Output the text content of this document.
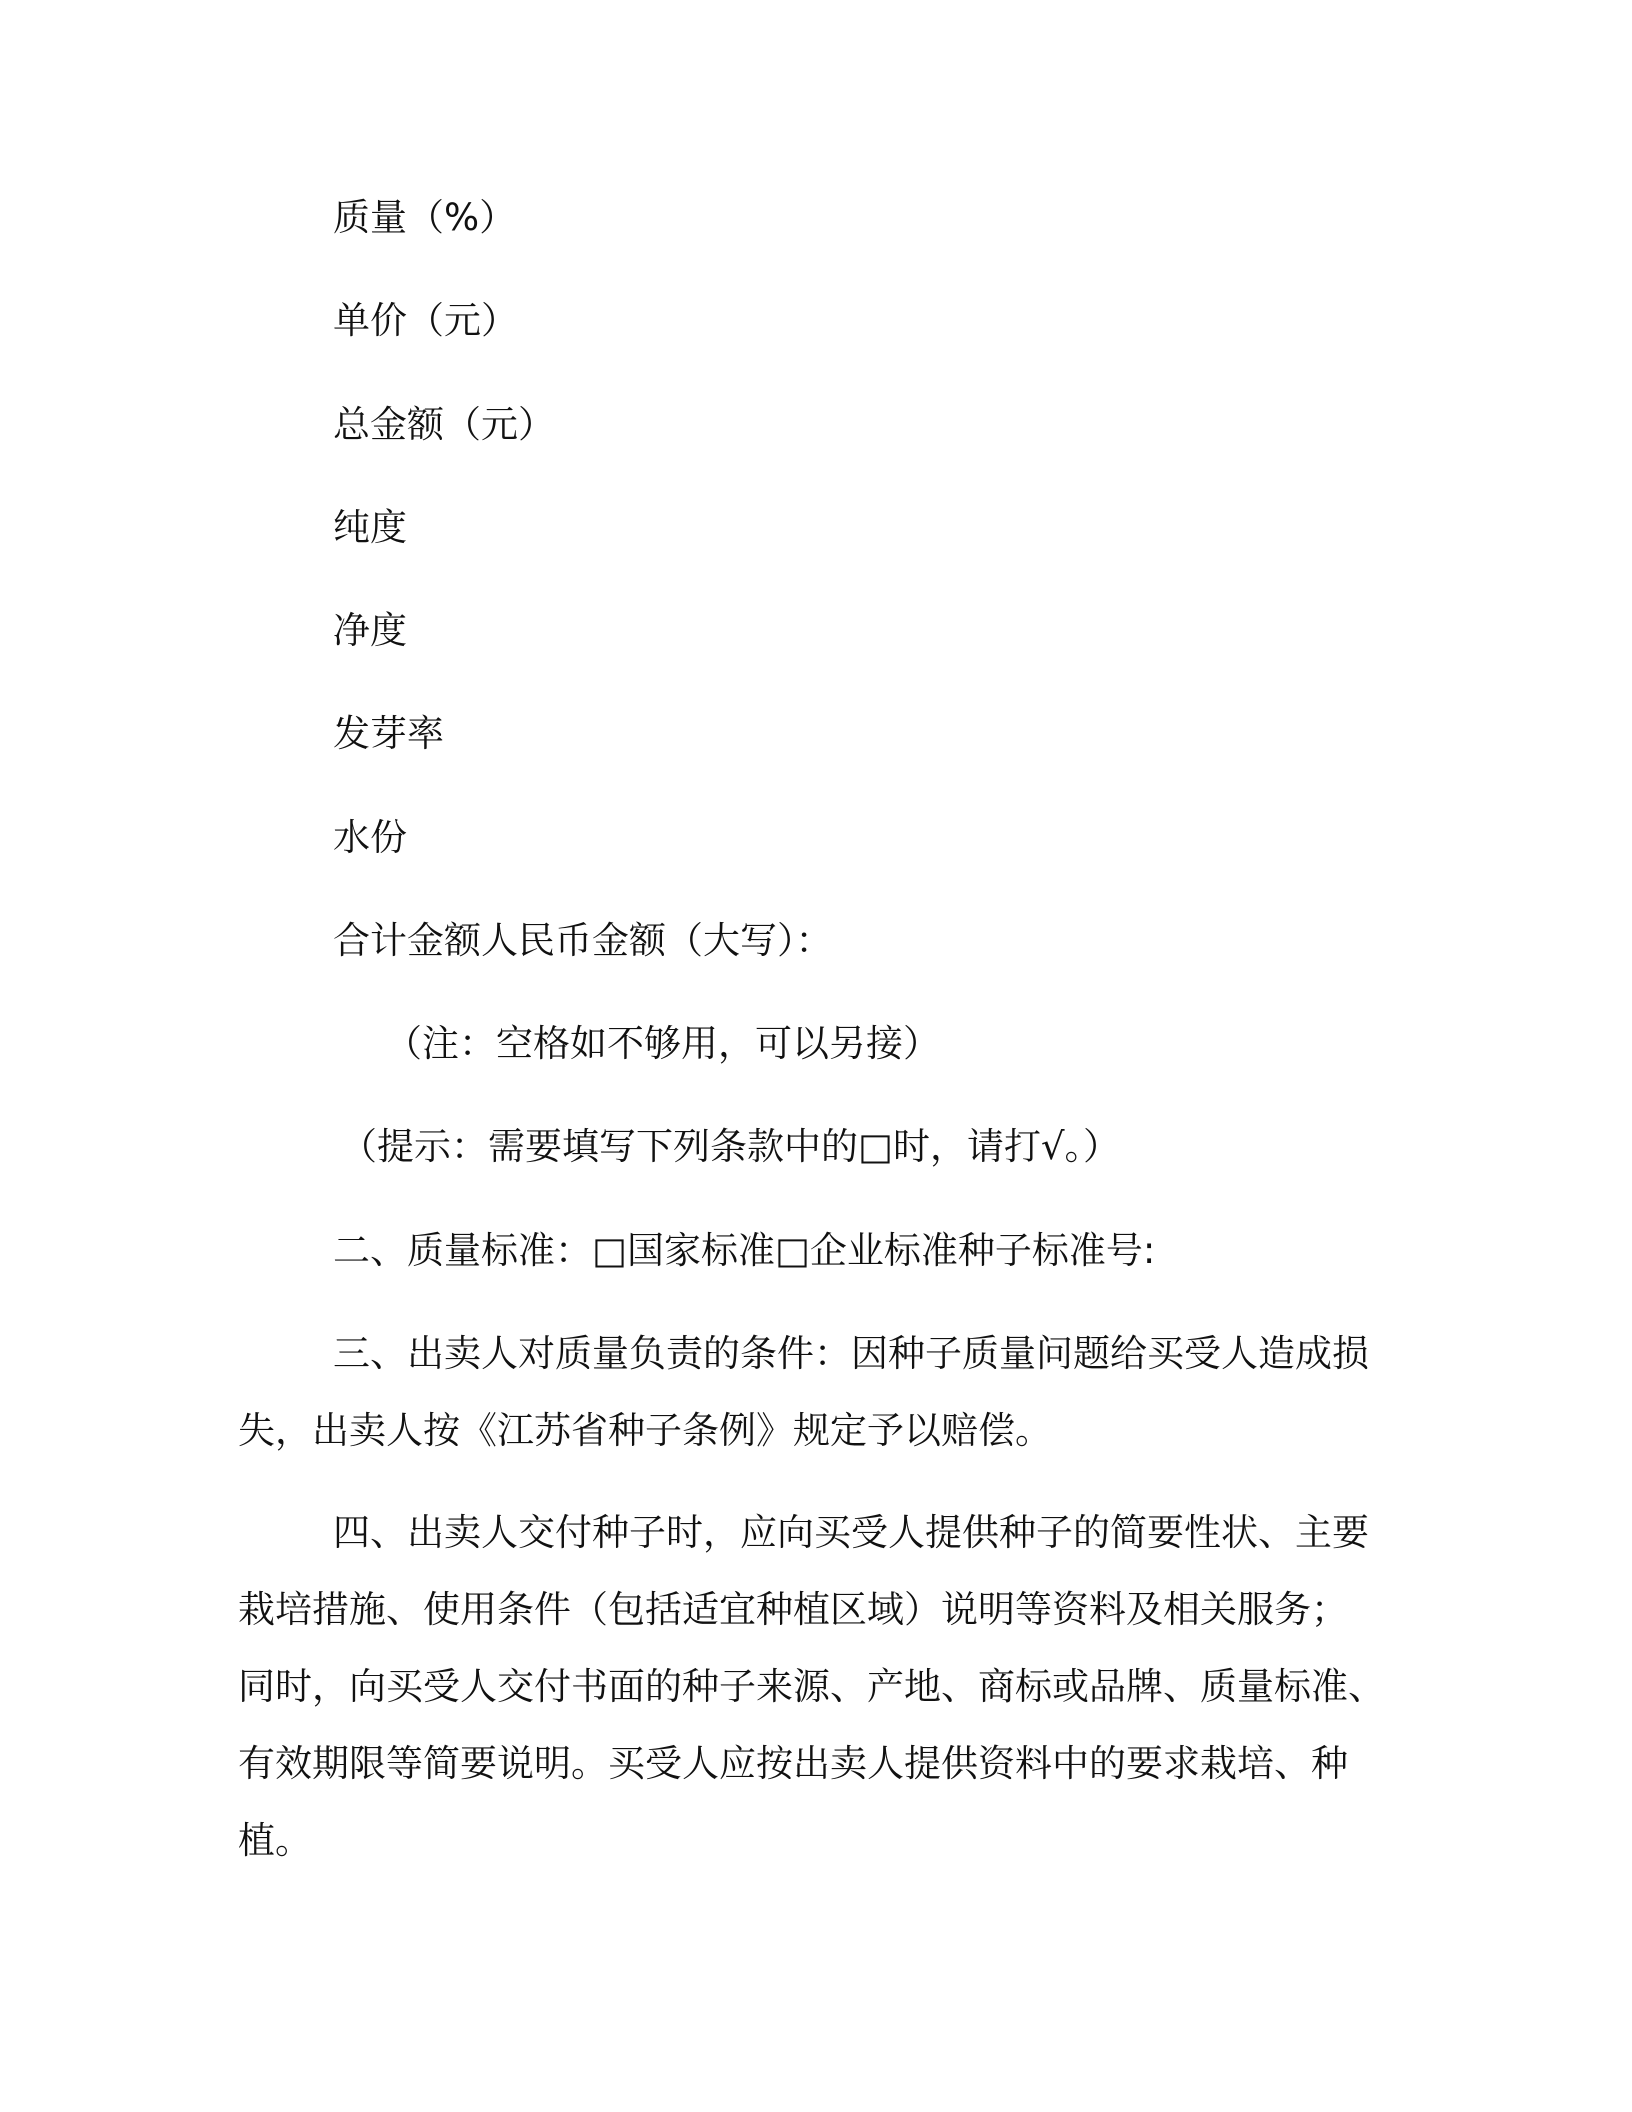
质量（%）
单价（元）
总金额（元）
纯度
净度
发芽率
水份
合计金额人民币金额（大写）：
（注：空格如不够用，可以另接）
（提示：需要填写下列条款中的□时，请打√。）
二、质量标准：□国家标准□企业标准种子标准号:
三、出卖人对质量负责的条件：因种子质量问题给买受人造成损
失，出卖人按《江苏省种子条例》规定予以赔偿。
四、出卖人交付种子时，应向买受人提供种子的简要性状、主要
栽培措施、使用条件（包括适宜种植区域）说明等资料及相关服务；
同时，向买受人交付书面的种子来源、产地、商标或品牌、质量标准、
有效期限等简要说明。买受人应按出卖人提供资料中的要求栽培、种
植。
